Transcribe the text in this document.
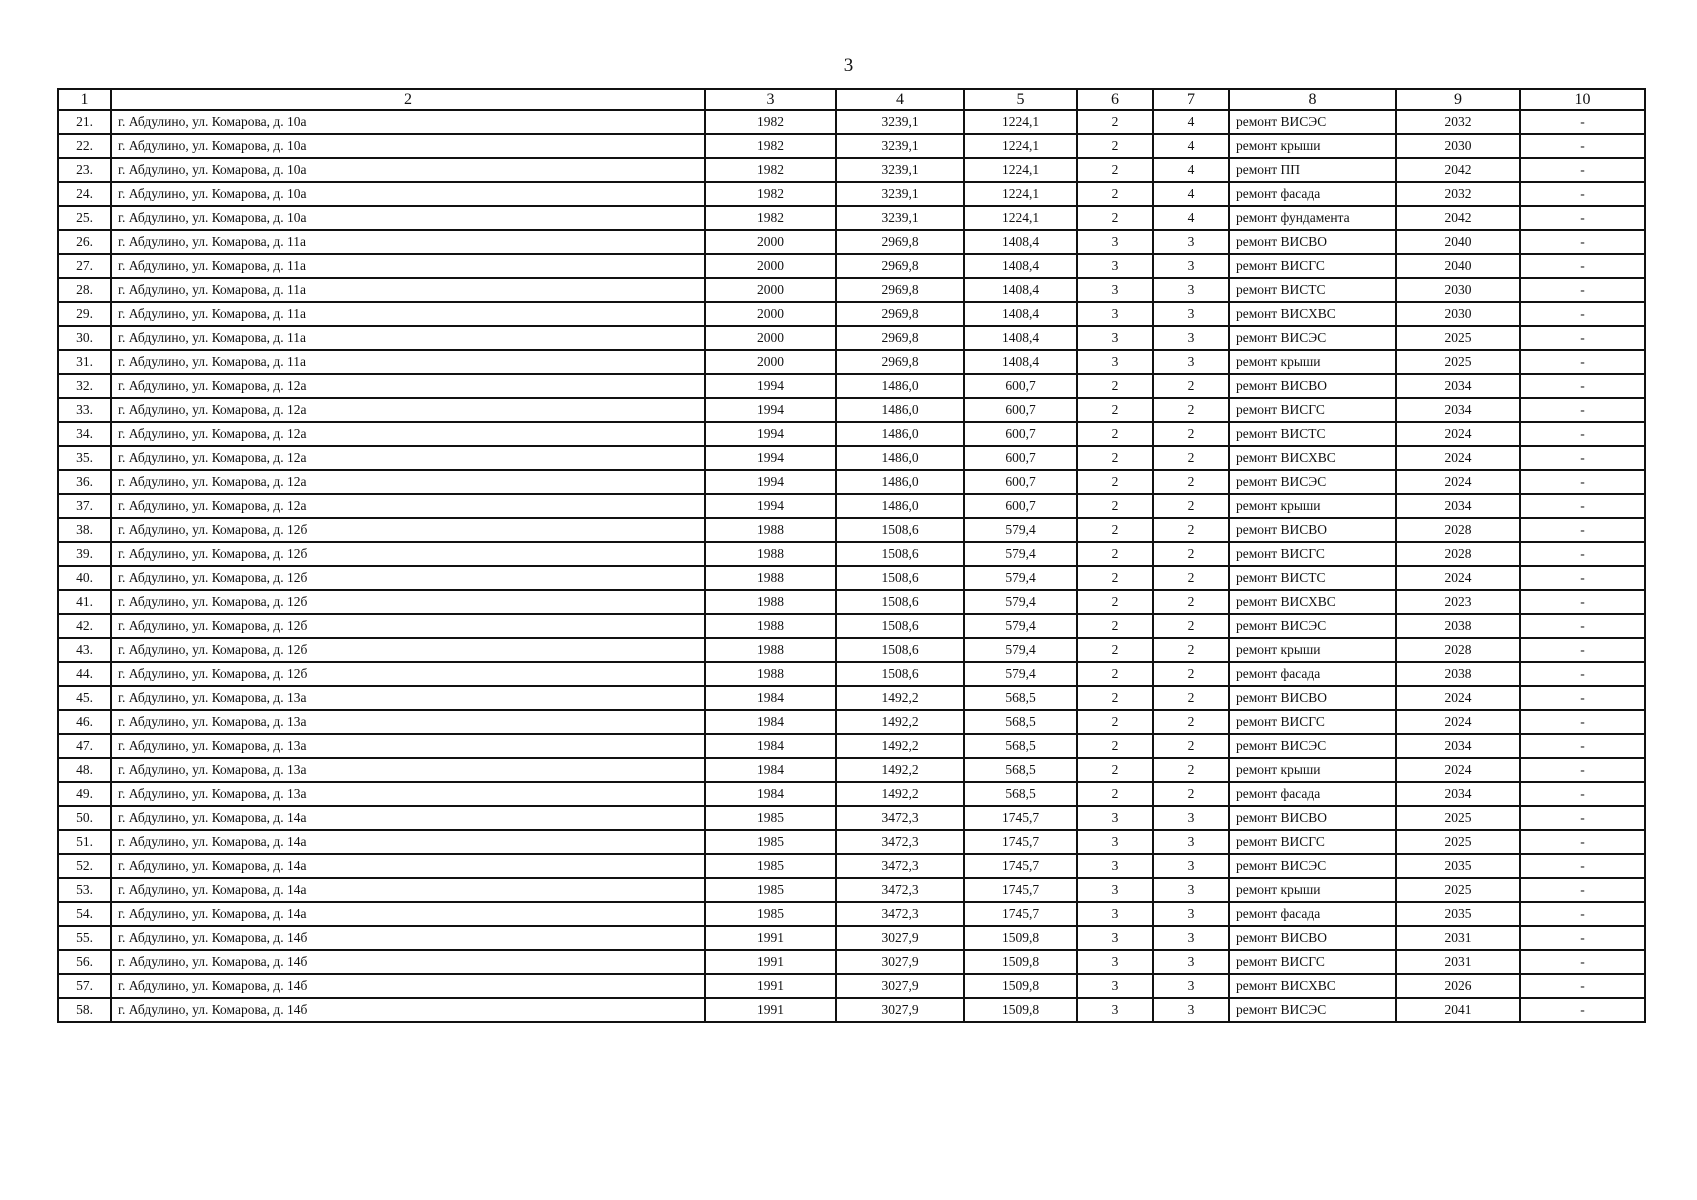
3
1	2	3	4	5	6	7	8	9	10
21.	г. Абдулино, ул. Комарова, д. 10а	1982	3239,1	1224,1	2	4	ремонт ВИСЭС	2032	-
22.	г. Абдулино, ул. Комарова, д. 10а	1982	3239,1	1224,1	2	4	ремонт крыши	2030	-
23.	г. Абдулино, ул. Комарова, д. 10а	1982	3239,1	1224,1	2	4	ремонт ПП	2042	-
24.	г. Абдулино, ул. Комарова, д. 10а	1982	3239,1	1224,1	2	4	ремонт фасада	2032	-
25.	г. Абдулино, ул. Комарова, д. 10а	1982	3239,1	1224,1	2	4	ремонт фундамента	2042	-
26.	г. Абдулино, ул. Комарова, д. 11а	2000	2969,8	1408,4	3	3	ремонт ВИСВО	2040	-
27.	г. Абдулино, ул. Комарова, д. 11а	2000	2969,8	1408,4	3	3	ремонт ВИСГС	2040	-
28.	г. Абдулино, ул. Комарова, д. 11а	2000	2969,8	1408,4	3	3	ремонт ВИСТС	2030	-
29.	г. Абдулино, ул. Комарова, д. 11а	2000	2969,8	1408,4	3	3	ремонт ВИСХВС	2030	-
30.	г. Абдулино, ул. Комарова, д. 11а	2000	2969,8	1408,4	3	3	ремонт ВИСЭС	2025	-
31.	г. Абдулино, ул. Комарова, д. 11а	2000	2969,8	1408,4	3	3	ремонт крыши	2025	-
32.	г. Абдулино, ул. Комарова, д. 12а	1994	1486,0	600,7	2	2	ремонт ВИСВО	2034	-
33.	г. Абдулино, ул. Комарова, д. 12а	1994	1486,0	600,7	2	2	ремонт ВИСГС	2034	-
34.	г. Абдулино, ул. Комарова, д. 12а	1994	1486,0	600,7	2	2	ремонт ВИСТС	2024	-
35.	г. Абдулино, ул. Комарова, д. 12а	1994	1486,0	600,7	2	2	ремонт ВИСХВС	2024	-
36.	г. Абдулино, ул. Комарова, д. 12а	1994	1486,0	600,7	2	2	ремонт ВИСЭС	2024	-
37.	г. Абдулино, ул. Комарова, д. 12а	1994	1486,0	600,7	2	2	ремонт крыши	2034	-
38.	г. Абдулино, ул. Комарова, д. 12б	1988	1508,6	579,4	2	2	ремонт ВИСВО	2028	-
39.	г. Абдулино, ул. Комарова, д. 12б	1988	1508,6	579,4	2	2	ремонт ВИСГС	2028	-
40.	г. Абдулино, ул. Комарова, д. 12б	1988	1508,6	579,4	2	2	ремонт ВИСТС	2024	-
41.	г. Абдулино, ул. Комарова, д. 12б	1988	1508,6	579,4	2	2	ремонт ВИСХВС	2023	-
42.	г. Абдулино, ул. Комарова, д. 12б	1988	1508,6	579,4	2	2	ремонт ВИСЭС	2038	-
43.	г. Абдулино, ул. Комарова, д. 12б	1988	1508,6	579,4	2	2	ремонт крыши	2028	-
44.	г. Абдулино, ул. Комарова, д. 12б	1988	1508,6	579,4	2	2	ремонт фасада	2038	-
45.	г. Абдулино, ул. Комарова, д. 13а	1984	1492,2	568,5	2	2	ремонт ВИСВО	2024	-
46.	г. Абдулино, ул. Комарова, д. 13а	1984	1492,2	568,5	2	2	ремонт ВИСГС	2024	-
47.	г. Абдулино, ул. Комарова, д. 13а	1984	1492,2	568,5	2	2	ремонт ВИСЭС	2034	-
48.	г. Абдулино, ул. Комарова, д. 13а	1984	1492,2	568,5	2	2	ремонт крыши	2024	-
49.	г. Абдулино, ул. Комарова, д. 13а	1984	1492,2	568,5	2	2	ремонт фасада	2034	-
50.	г. Абдулино, ул. Комарова, д. 14а	1985	3472,3	1745,7	3	3	ремонт ВИСВО	2025	-
51.	г. Абдулино, ул. Комарова, д. 14а	1985	3472,3	1745,7	3	3	ремонт ВИСГС	2025	-
52.	г. Абдулино, ул. Комарова, д. 14а	1985	3472,3	1745,7	3	3	ремонт ВИСЭС	2035	-
53.	г. Абдулино, ул. Комарова, д. 14а	1985	3472,3	1745,7	3	3	ремонт крыши	2025	-
54.	г. Абдулино, ул. Комарова, д. 14а	1985	3472,3	1745,7	3	3	ремонт фасада	2035	-
55.	г. Абдулино, ул. Комарова, д. 14б	1991	3027,9	1509,8	3	3	ремонт ВИСВО	2031	-
56.	г. Абдулино, ул. Комарова, д. 14б	1991	3027,9	1509,8	3	3	ремонт ВИСГС	2031	-
57.	г. Абдулино, ул. Комарова, д. 14б	1991	3027,9	1509,8	3	3	ремонт ВИСХВС	2026	-
58.	г. Абдулино, ул. Комарова, д. 14б	1991	3027,9	1509,8	3	3	ремонт ВИСЭС	2041	-
